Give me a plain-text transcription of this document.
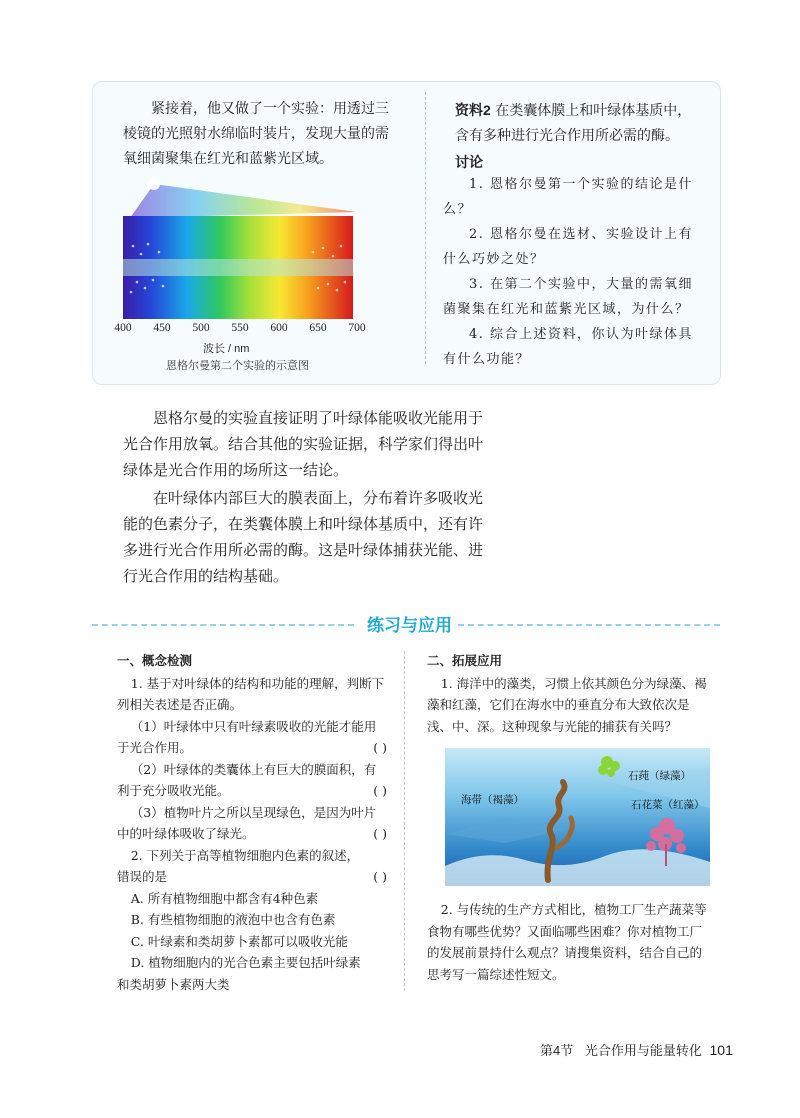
紧接着，他又做了一个实验：用透过三棱镜的光照射水绵临时装片，发现大量的需氧细菌聚集在红光和蓝紫光区域。

400 450 500 550 600 650 700
波长 / nm
恩格尔曼第二个实验的示意图
资料2 在类囊体膜上和叶绿体基质中，含有多种进行光合作用所必需的酶。
讨论

1. 恩格尔曼第一个实验的结论是什么？

2. 恩格尔曼在选材、实验设计上有什么巧妙之处？

3. 在第二个实验中，大量的需氧细菌聚集在红光和蓝紫光区域，为什么？

4. 综合上述资料，你认为叶绿体具有什么功能？

恩格尔曼的实验直接证明了叶绿体能吸收光能用于光合作用放氧。结合其他的实验证据，科学家们得出叶绿体是光合作用的场所这一结论。

在叶绿体内部巨大的膜表面上，分布着许多吸收光能的色素分子，在类囊体膜上和叶绿体基质中，还有许多进行光合作用所必需的酶。这是叶绿体捕获光能、进行光合作用的结构基础。

练习与应用

一、概念检测

1. 基于对叶绿体的结构和功能的理解，判断下列相关表述是否正确。

（1）叶绿体中只有叶绿素吸收的光能才能用

于光合作用。	( )

（2）叶绿体的类囊体上有巨大的膜面积，有

利于充分吸收光能。	( )

（3）植物叶片之所以呈现绿色，是因为叶片

中的叶绿体吸收了绿光。	( )

2. 下列关于高等植物细胞内色素的叙述，

错误的是	( )

A. 所有植物细胞中都含有4种色素

B. 有些植物细胞的液泡中也含有色素

C. 叶绿素和类胡萝卜素都可以吸收光能

D. 植物细胞内的光合色素主要包括叶绿素

和类胡萝卜素两大类

二、拓展应用

1. 海洋中的藻类，习惯上依其颜色分为绿藻、褐藻和红藻，它们在海水中的垂直分布大致依次是浅、中、深。这种现象与光能的捕获有关吗？

石莼（绿藻）
海带（褐藻）	石花菜（红藻）

2. 与传统的生产方式相比，植物工厂生产蔬菜等食物有哪些优势？又面临哪些困难？你对植物工厂的发展前景持什么观点？请搜集资料，结合自己的思考写一篇综述性短文。

第4节 光合作用与能量转化 101
